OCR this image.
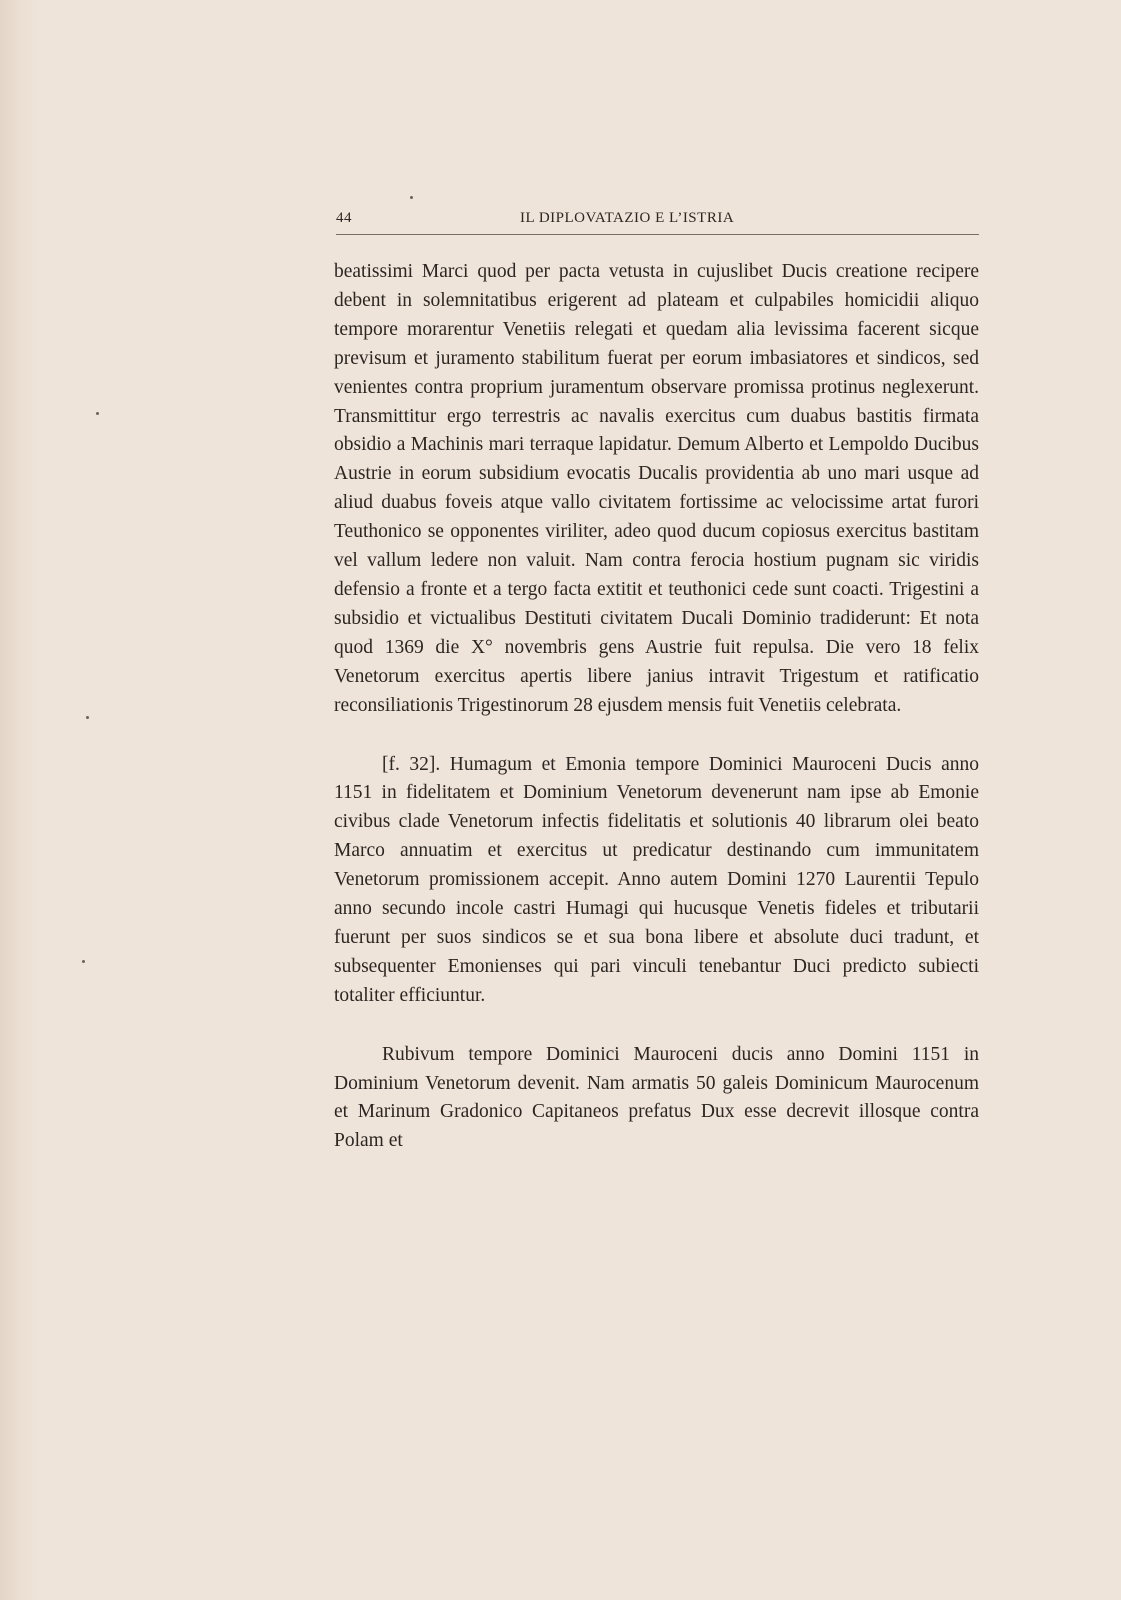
44	IL DIPLOVATAZIO E L’ISTRIA

beatissimi Marci quod per pacta vetusta in cujuslibet Ducis creatione recipere debent in solemnitatibus erigerent ad plateam et culpabiles homicidii aliquo tempore morarentur Venetiis relegati et quedam alia levissima facerent sicque previsum et juramento stabilitum fuerat per eorum imbasiatores et sindicos, sed venientes contra proprium juramentum observare promissa protinus neglexerunt. Transmittitur ergo terrestris ac navalis exercitus cum duabus bastitis firmata obsidio a Machinis mari terraque lapidatur. Demum Alberto et Lempoldo Ducibus Austrie in eorum subsidium evocatis Ducalis providentia ab uno mari usque ad aliud duabus foveis atque vallo civitatem fortissime ac velocissime artat furori Teuthonico se opponentes viriliter, adeo quod ducum copiosus exercitus bastitam vel vallum ledere non valuit. Nam contra ferocia hostium pugnam sic viridis defensio a fronte et a tergo facta extitit et teuthonici cede sunt coacti. Trigestini a subsidio et victualibus Destituti civitatem Ducali Dominio tradiderunt: Et nota quod 1369 die X° novembris gens Austrie fuit repulsa. Die vero 18 felix Venetorum exercitus apertis libere janius intravit Trigestum et ratificatio reconsiliationis Trigestinorum 28 ejusdem mensis fuit Venetiis celebrata.

[f. 32]. Humagum et Emonia tempore Dominici Mauroceni Ducis anno 1151 in fidelitatem et Dominium Venetorum devenerunt nam ipse ab Emonie civibus clade Venetorum infectis fidelitatis et solutionis 40 librarum olei beato Marco annuatim et exercitus ut predicatur destinando cum immunitatem Venetorum promissionem accepit. Anno autem Domini 1270 Laurentii Tepulo anno secundo incole castri Humagi qui hucusque Venetis fideles et tributarii fuerunt per suos sindicos se et sua bona libere et absolute duci tradunt, et subsequenter Emonienses qui pari vinculi tenebantur Duci predicto subiecti totaliter efficiuntur.

Rubivum tempore Dominici Mauroceni ducis anno Domini 1151 in Dominium Venetorum devenit. Nam armatis 50 galeis Dominicum Maurocenum et Marinum Gradonico Capitaneos prefatus Dux esse decrevit illosque contra Polam et
